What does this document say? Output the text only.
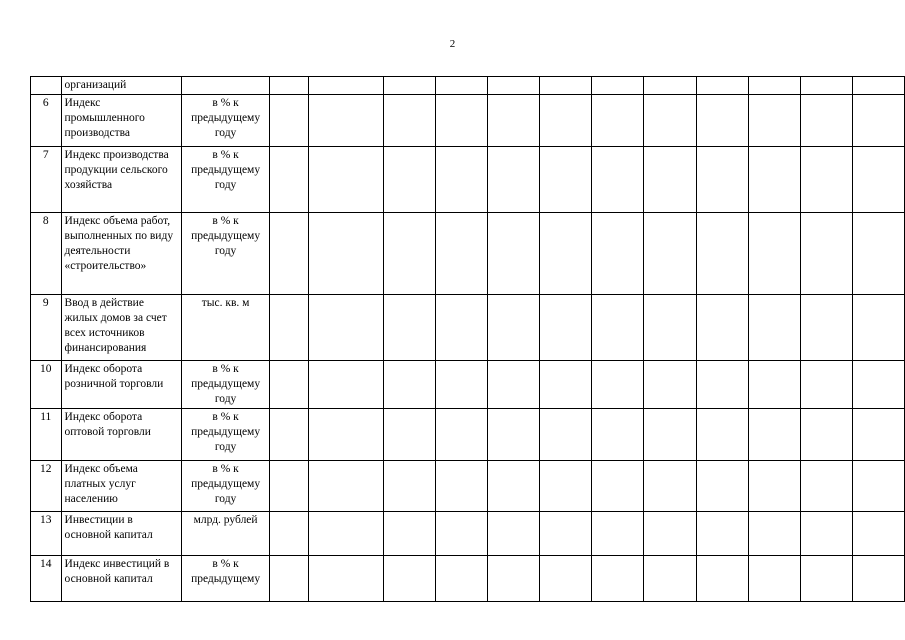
2
	организаций													
6	Индекс промышленного производства	в % к предыдущему году												
7	Индекс производства продукции сельского хозяйства	в % к предыдущему году												
8	Индекс объема работ, выполненных по виду деятельности «строительство»	в % к предыдущему году												
9	Ввод в действие жилых домов за счет всех источников финансирования	тыс. кв. м												
10	Индекс оборота розничной торговли	в % к предыдущему году												
11	Индекс оборота оптовой торговли	в % к предыдущему году												
12	Индекс объема платных услуг населению	в % к предыдущему году												
13	Инвестиции в основной капитал	млрд. рублей												
14	Индекс инвестиций в основной капитал	в % к предыдущему												
